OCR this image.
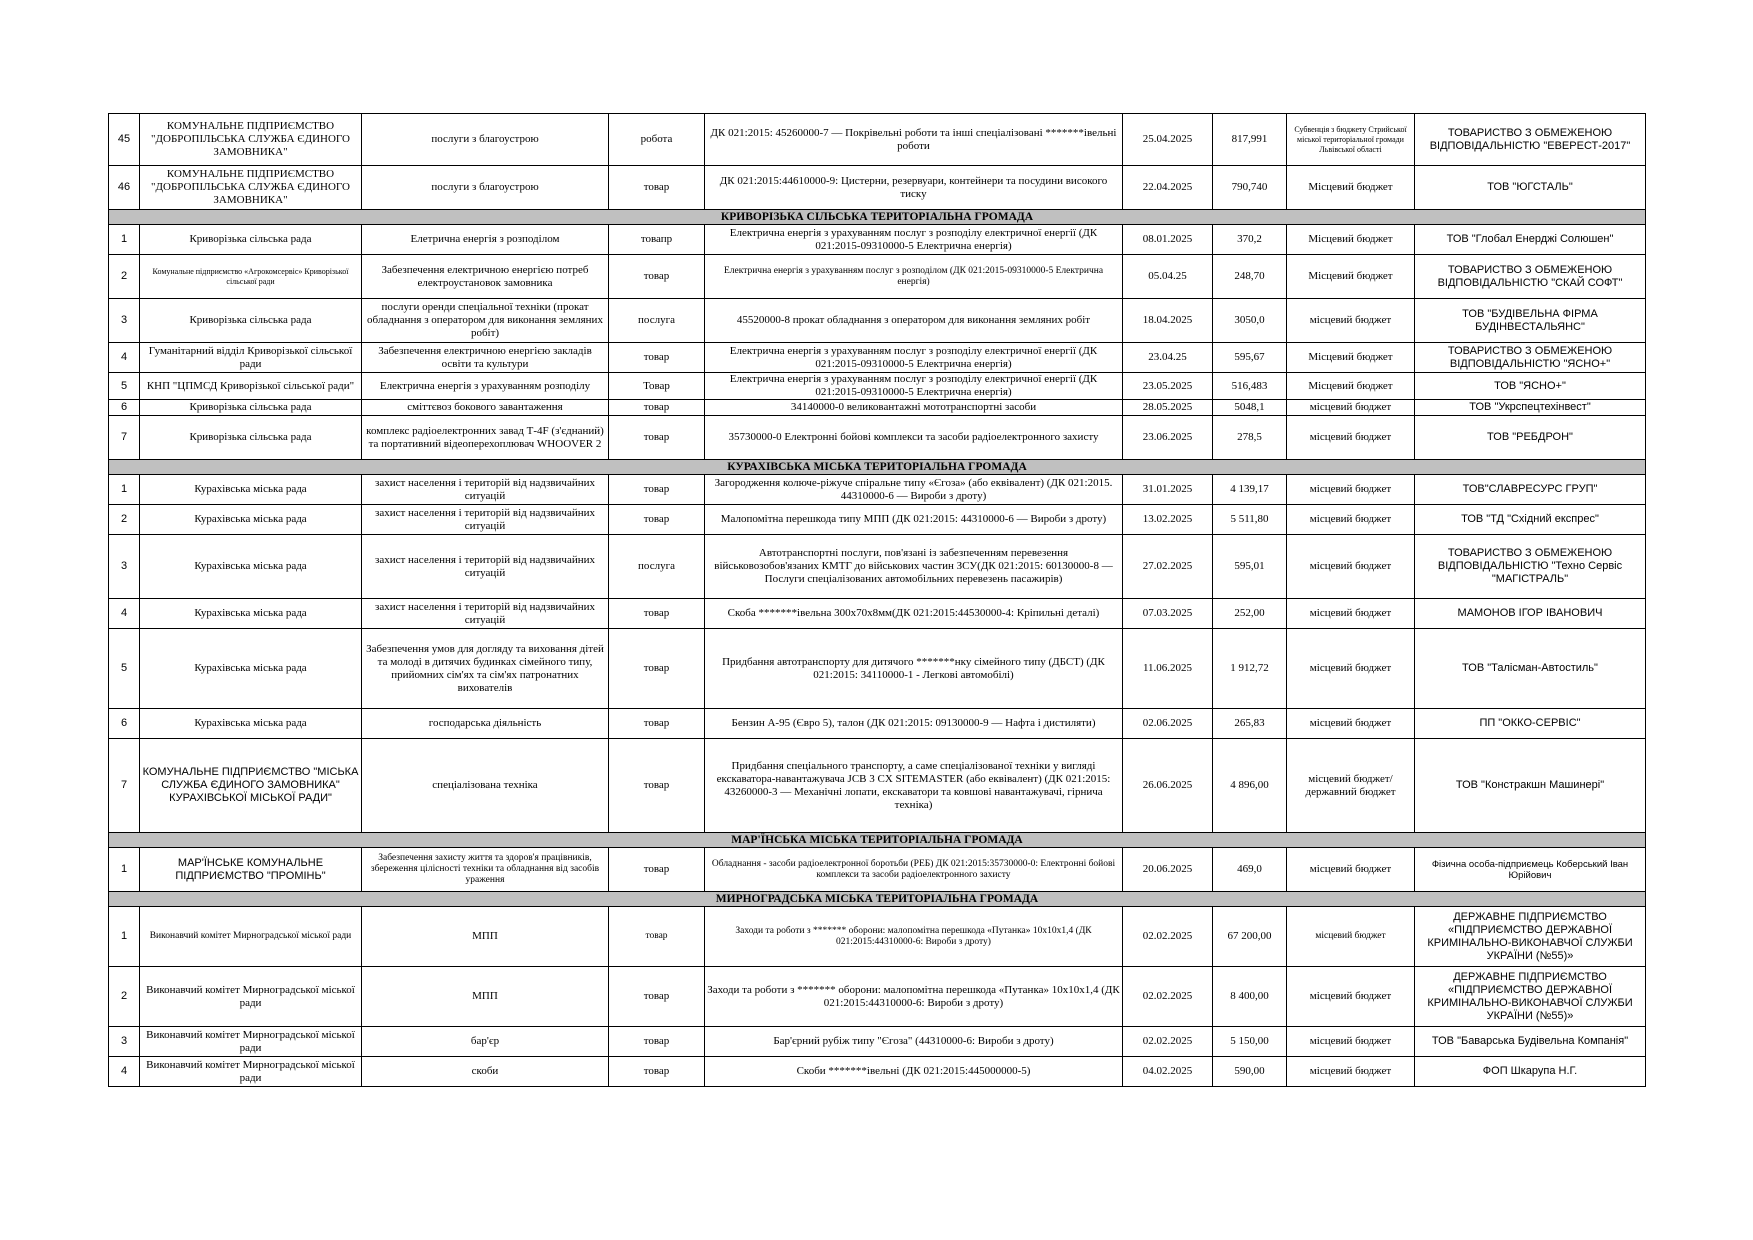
45	КОМУНАЛЬНЕ ПІДПРИЄМСТВО "ДОБРОПІЛЬСЬКА СЛУЖБА ЄДИНОГО ЗАМОВНИКА"	послуги з благоустрою	робота	ДК 021:2015: 45260000-7 — Покрівельні роботи та інші спеціалізовані *******івельні роботи	25.04.2025	817,991	Субвенція з бюджету Стрийської міської територіальної громади Львівської області	ТОВАРИСТВО З ОБМЕЖЕНОЮ ВІДПОВІДАЛЬНІСТЮ "ЕВЕРЕСТ-2017"
46	КОМУНАЛЬНЕ ПІДПРИЄМСТВО "ДОБРОПІЛЬСЬКА СЛУЖБА ЄДИНОГО ЗАМОВНИКА"	послуги з благоустрою	товар	ДК 021:2015:44610000-9: Цистерни, резервуари, контейнери та посудини високого тиску	22.04.2025	790,740	Місцевий бюджет	ТОВ "ЮГСТАЛЬ"
КРИВОРІЗЬКА СІЛЬСЬКА ТЕРИТОРІАЛЬНА ГРОМАДА								
1	Криворізька сільська рада	Елетрична енергія з розподілом	товапр	Електрична енергія з урахуванням послуг з розподілу електричної енергії (ДК 021:2015-09310000-5 Електрична енергія)	08.01.2025	370,2	Місцевий бюджет	ТОВ "Глобал Енерджі Солюшен"
2	Комунальне підприємство «Агрокомсервіс» Криворізької сільської ради	Забезпечення електричною енергією потреб електроустановок замовника	товар	Електрична енергія з урахуванням послуг з розподілом (ДК 021:2015-09310000-5 Електрична енергія)	05.04.25	248,70	Місцевий бюджет	ТОВАРИСТВО З ОБМЕЖЕНОЮ ВІДПОВІДАЛЬНІСТЮ "СКАЙ СОФТ"
3	Криворізька сільська рада	послуги оренди спеціальної техніки (прокат обладнання з оператором для виконання земляних робіт)	послуга	45520000-8 прокат обладнання з оператором для виконання земляних робіт	18.04.2025	3050,0	місцевий бюджет	ТОВ "БУДІВЕЛЬНА ФІРМА БУДІНВЕСТАЛЬЯНС"
4	Гуманітарний відділ Криворізької сільської ради	Забезпечення електричною енергією закладів освіти та культури	товар	Електрична енергія з урахуванням послуг з розподілу електричної енергії (ДК 021:2015-09310000-5 Електрична енергія)	23.04.25	595,67	Місцевий бюджет	ТОВАРИСТВО З ОБМЕЖЕНОЮ ВІДПОВІДАЛЬНІСТЮ "ЯСНО+"
5	КНП "ЦПМСД Криворізької сільської ради"	Електрична енергія з урахуванням розподілу	Товар	Електрична енергія з урахуванням послуг з розподілу електричної енергії (ДК 021:2015-09310000-5 Електрична енергія)	23.05.2025	516,483	Місцевий бюджет	ТОВ "ЯСНО+"
6	Криворізька сільська рада	сміттєвоз бокового завантаження	товар	34140000-0 великовантажні мототранспортні засоби	28.05.2025	5048,1	місцевий бюджет	ТОВ "Укрспецтехінвест"
7	Криворізька сільська рада	комплекс радіоелектронних завад Т-4F (з'єднаний) та портативний відеоперехоплювач WHOOVER 2	товар	35730000-0 Електронні бойові комплекси та засоби радіоелектронного захисту	23.06.2025	278,5	місцевий бюджет	ТОВ "РЕБДРОН"
КУРАХІВСЬКА МІСЬКА ТЕРИТОРІАЛЬНА ГРОМАДА								
1	Курахівська міська рада	захист населення і територій від надзвичайних ситуацій	товар	Загородження колюче-ріжуче спіральне типу «Єгоза» (або еквівалент) (ДК 021:2015. 44310000-6 — Вироби з дроту)	31.01.2025	4 139,17	місцевий бюджет	ТОВ"СЛАВРЕСУРС ГРУП"
2	Курахівська міська рада	захист населення і територій від надзвичайних ситуацій	товар	Малопомітна перешкода типу МПП (ДК 021:2015: 44310000-6 — Вироби з дроту)	13.02.2025	5 511,80	місцевий бюджет	ТОВ "ТД "Східний експрес"
3	Курахівська міська рада	захист населення і територій від надзвичайних ситуацій	послуга	Автотранспортні послуги, пов'язані із забезпеченням перевезення військовозобов'язаних КМТГ до військових частин ЗСУ(ДК 021:2015: 60130000-8 — Послуги спеціалізованих автомобільних перевезень пасажирів)	27.02.2025	595,01	місцевий бюджет	ТОВАРИСТВО З ОБМЕЖЕНОЮ ВІДПОВІДАЛЬНІСТЮ "Техно Сервіс "МАГІСТРАЛЬ"
4	Курахівська міська рада	захист населення і територій від надзвичайних ситуацій	товар	Скоба *******івельна 300х70х8мм(ДК 021:2015:44530000-4: Кріпильні деталі)	07.03.2025	252,00	місцевий бюджет	МАМОНОВ ІГОР ІВАНОВИЧ
5	Курахівська міська рада	Забезпечення умов для догляду та виховання дітей та молоді в дитячих будинках сімейного типу, прийомних сім'ях та сім'ях патронатних вихователів	товар	Придбання автотранспорту для дитячого *******нку сімейного типу (ДБСТ) (ДК 021:2015: 34110000-1 - Легкові автомобілі)	11.06.2025	1 912,72	місцевий бюджет	ТОВ "Талісман-Автостиль"
6	Курахівська міська рада	господарська діяльність	товар	Бензин А-95 (Євро 5), талон (ДК 021:2015: 09130000-9 — Нафта і дистиляти)	02.06.2025	265,83	місцевий бюджет	ПП "ОККО-СЕРВІС"
7	КОМУНАЛЬНЕ ПІДПРИЄМСТВО "МІСЬКА СЛУЖБА ЄДИНОГО ЗАМОВНИКА" КУРАХІВСЬКОЇ МІСЬКОЇ РАДИ"	спеціалізована техніка	товар	Придбання спеціального транспорту, а саме спеціалізованої техніки у вигляді екскаватора-навантажувача JCB 3 CX SITEMASTER (або еквівалент) (ДК 021:2015: 43260000-3 — Механічні лопати, екскаватори та ковшові навантажувачі, гірнича техніка)	26.06.2025	4 896,00	місцевий бюджет/державний бюджет	ТОВ "Констракшн Машинері"
МАР'ЇНСЬКА МІСЬКА ТЕРИТОРІАЛЬНА ГРОМАДА								
1	МАР'ЇНСЬКЕ КОМУНАЛЬНЕ ПІДПРИЄМСТВО "ПРОМІНЬ"	Забезпечення захисту життя та здоров'я працівників, збереження цілісності техніки та обладнання від засобів ураження	товар	Обладнання - засоби радіоелектронної боротьби (РЕБ) ДК 021:2015:35730000-0: Електронні бойові комплекси та засоби радіоелектронного захисту	20.06.2025	469,0	місцевий бюджет	Фізична особа-підприємець Коберський Іван Юрійович
МИРНОГРАДСЬКА МІСЬКА ТЕРИТОРІАЛЬНА ГРОМАДА								
1	Виконавчий комітет Мирноградської міської ради	МПП	товар	Заходи та роботи з ******* оборони: малопомітна перешкода «Путанка» 10х10х1,4 (ДК 021:2015:44310000-6: Вироби з дроту)	02.02.2025	67 200,00	місцевий бюджет	ДЕРЖАВНЕ ПІДПРИЄМСТВО «ПІДПРИЄМСТВО ДЕРЖАВНОЇ КРИМІНАЛЬНО-ВИКОНАВЧОЇ СЛУЖБИ УКРАЇНИ (№55)»
2	Виконавчий комітет Мирноградської міської ради	МПП	товар	Заходи та роботи з ******* оборони: малопомітна перешкода «Путанка» 10х10х1,4 (ДК 021:2015:44310000-6: Вироби з дроту)	02.02.2025	8 400,00	місцевий бюджет	ДЕРЖАВНЕ ПІДПРИЄМСТВО «ПІДПРИЄМСТВО ДЕРЖАВНОЇ КРИМІНАЛЬНО-ВИКОНАВЧОЇ СЛУЖБИ УКРАЇНИ (№55)»
3	Виконавчий комітет Мирноградської міської ради	бар'єр	товар	Бар'єрний рубіж типу "Єгоза" (44310000-6: Вироби з дроту)	02.02.2025	5 150,00	місцевий бюджет	ТОВ "Баварська Будівельна Компанія"
4	Виконавчий комітет Мирноградської міської ради	скоби	товар	Скоби *******івельні (ДК 021:2015:445000000-5)	04.02.2025	590,00	місцевий бюджет	ФОП Шкарупа Н.Г.
